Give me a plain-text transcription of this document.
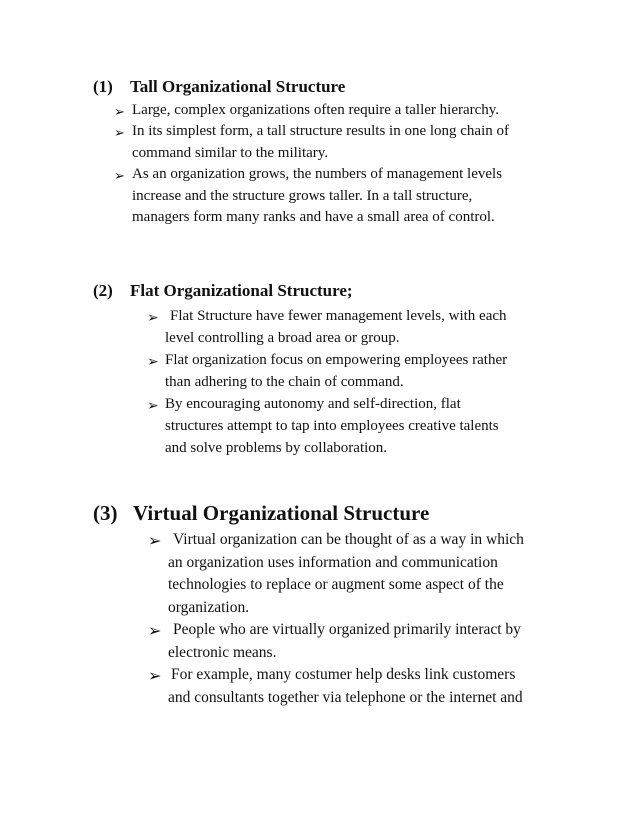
(1) Tall Organizational Structure
➢ Large, complex organizations often require a taller hierarchy.
➢ In its simplest form, a tall structure results in one long chain of
command similar to the military.
➢ As an organization grows, the numbers of management levels
increase and the structure grows taller. In a tall structure,
managers form many ranks and have a small area of control.
(2) Flat Organizational Structure;
➢ Flat Structure have fewer management levels, with each
level controlling a broad area or group.
➢ Flat organization focus on empowering employees rather
than adhering to the chain of command.
➢ By encouraging autonomy and self-direction, flat
structures attempt to tap into employees creative talents
and solve problems by collaboration.
(3) Virtual Organizational Structure
➢ Virtual organization can be thought of as a way in which
an organization uses information and communication
technologies to replace or augment some aspect of the
organization.
➢ People who are virtually organized primarily interact by
electronic means.
➢ For example, many costumer help desks link customers
and consultants together via telephone or the internet and
